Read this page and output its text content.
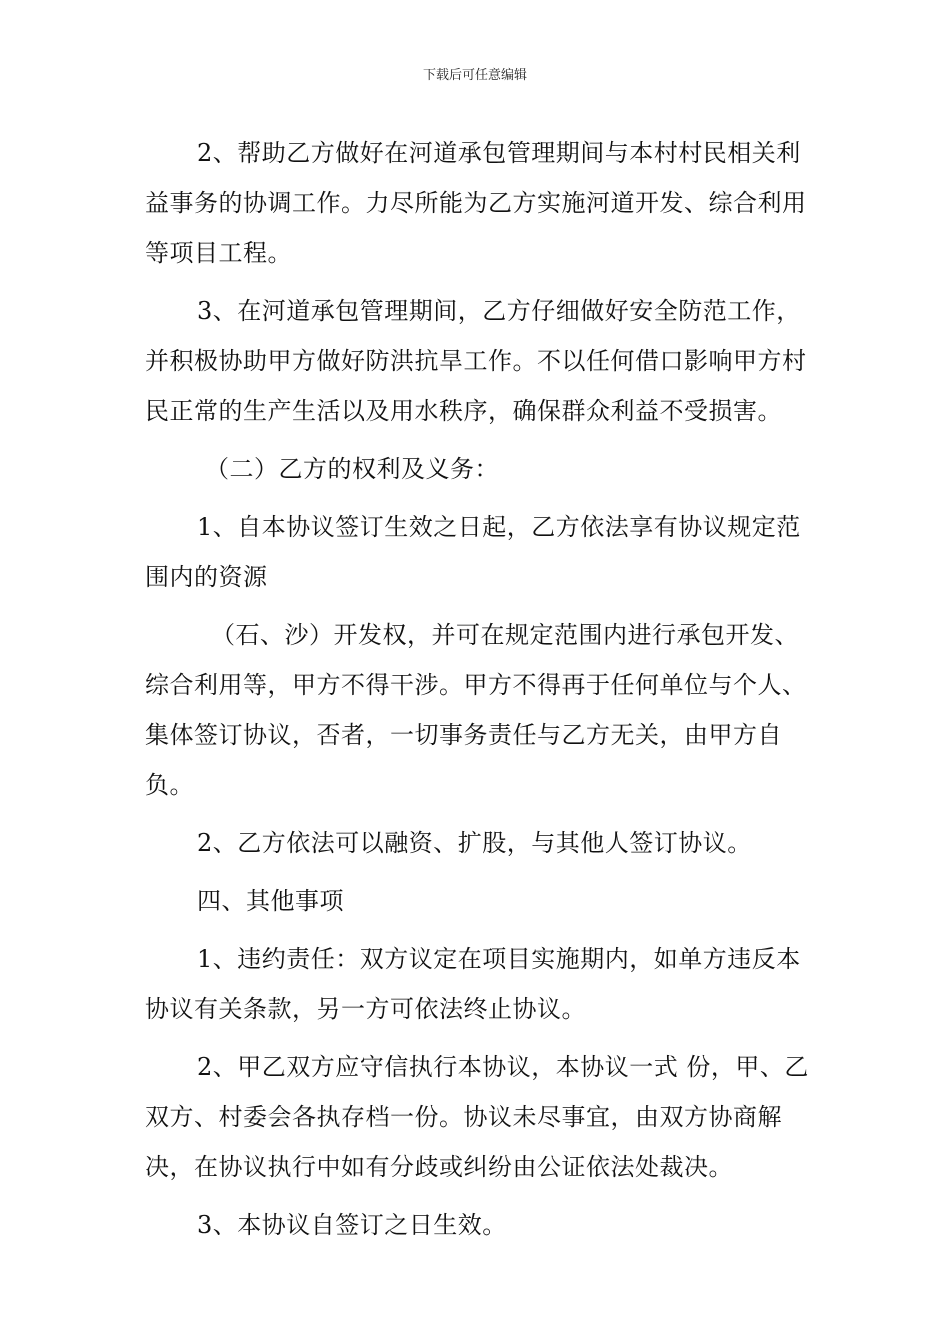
下载后可任意编辑

2、帮助乙方做好在河道承包管理期间与本村村民相关利益事务的协调工作。力尽所能为乙方实施河道开发、综合利用等项目工程。

3、在河道承包管理期间，乙方仔细做好安全防范工作，并积极协助甲方做好防洪抗旱工作。不以任何借口影响甲方村民正常的生产生活以及用水秩序，确保群众利益不受损害。

（二）乙方的权利及义务：

1、自本协议签订生效之日起，乙方依法享有协议规定范围内的资源

（石、沙）开发权，并可在规定范围内进行承包开发、综合利用等，甲方不得干涉。甲方不得再于任何单位与个人、集体签订协议，否者，一切事务责任与乙方无关，由甲方自负。

2、乙方依法可以融资、扩股，与其他人签订协议。

四、其他事项

1、违约责任：双方议定在项目实施期内，如单方违反本协议有关条款，另一方可依法终止协议。

2、甲乙双方应守信执行本协议，本协议一式 份，甲、乙双方、村委会各执存档一份。协议未尽事宜，由双方协商解决，在协议执行中如有分歧或纠纷由公证依法处裁决。

3、本协议自签订之日生效。
